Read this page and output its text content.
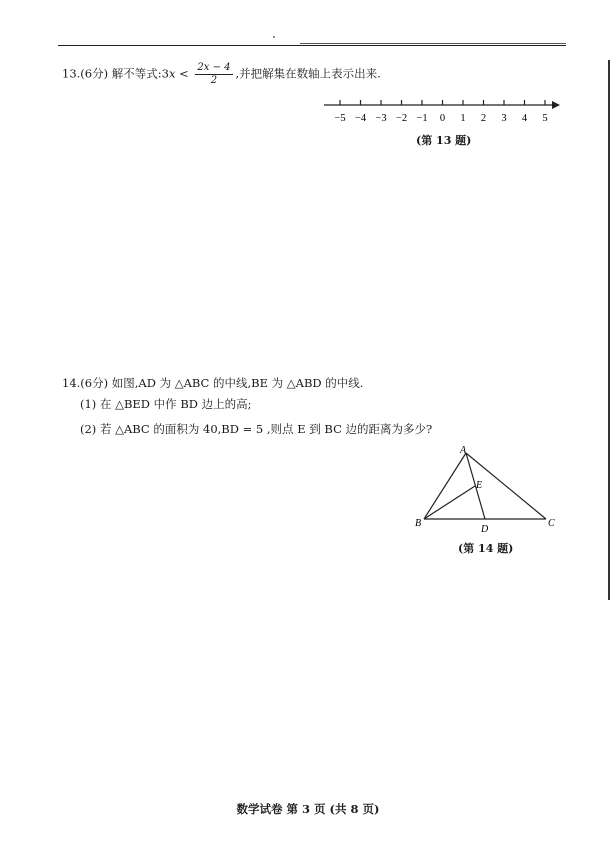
13.(6分) 解不等式:3x < $\frac{2x - 4}{2}$ ,并把解集在数轴上表示出来.
−5 −4 −3 −2 −1 0 1 2 3 4 5
(第 13 题)
14.(6分) 如图,AD 为 △ABC 的中线,BE 为 △ABD 的中线.
(1) 在 △BED 中作 BD 边上的高;
(2) 若 △ABC 的面积为 40,BD = 5 ,则点 E 到 BC 边的距离为多少?
A
B	C
D
E
(第 14 题)
数学试卷 第 3 页 (共 8 页)
